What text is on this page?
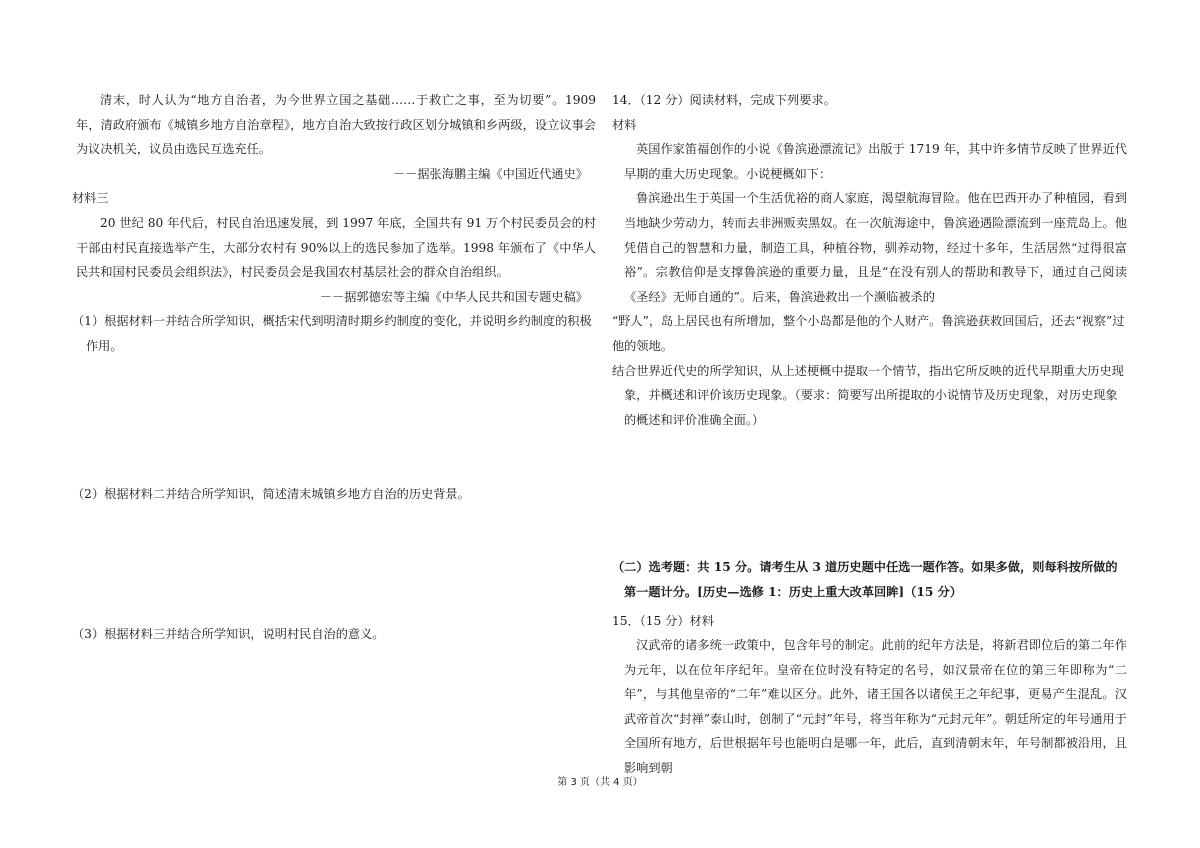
清末，时人认为“地方自治者，为今世界立国之基础……于救亡之事，至为切要”。1909 年，清政府颁布《城镇乡地方自治章程》，地方自治大致按行政区划分城镇和乡两级，设立议事会为议决机关，议员由选民互选充任。

－－据张海鹏主编《中国近代通史》

材料三

20 世纪 80 年代后，村民自治迅速发展，到 1997 年底，全国共有 91 万个村民委员会的村干部由村民直接选举产生，大部分农村有 90%以上的选民参加了选举。1998 年颁布了《中华人民共和国村民委员会组织法》，村民委员会是我国农村基层社会的群众自治组织。

－－据郭德宏等主编《中华人民共和国专题史稿》

（1）根据材料一并结合所学知识，概括宋代到明清时期乡约制度的变化，并说明乡约制度的积极作用。

（2）根据材料二并结合所学知识，简述清末城镇乡地方自治的历史背景。

（3）根据材料三并结合所学知识，说明村民自治的意义。

14．（12 分）阅读材料，完成下列要求。

材料

英国作家笛福创作的小说《鲁滨逊漂流记》出版于 1719 年，其中许多情节反映了世界近代早期的重大历史现象。小说梗概如下：

鲁滨逊出生于英国一个生活优裕的商人家庭，渴望航海冒险。他在巴西开办了种植园，看到当地缺少劳动力，转而去非洲贩卖黑奴。在一次航海途中，鲁滨逊遇险漂流到一座荒岛上。他凭借自己的智慧和力量，制造工具，种植谷物，驯养动物，经过十多年，生活居然“过得很富裕”。宗教信仰是支撑鲁滨逊的重要力量，且是“在没有别人的帮助和教导下，通过自己阅读《圣经》无师自通的”。后来，鲁滨逊救出一个濒临被杀的

“野人”，岛上居民也有所增加，整个小岛都是他的个人财产。鲁滨逊获救回国后，还去“视察”过他的领地。

结合世界近代史的所学知识，从上述梗概中提取一个情节，指出它所反映的近代早期重大历史现象，并概述和评价该历史现象。（要求：简要写出所提取的小说情节及历史现象，对历史现象的概述和评价准确全面。）

（二）选考题：共 15 分。请考生从 3 道历史题中任选一题作答。如果多做，则每科按所做的第一题计分。[历史—选修 1：历史上重大改革回眸]（15 分）

15．（15 分）材料

汉武帝的诸多统一政策中，包含年号的制定。此前的纪年方法是，将新君即位后的第二年作为元年，以在位年序纪年。皇帝在位时没有特定的名号，如汉景帝在位的第三年即称为“二年”，与其他皇帝的“二年”难以区分。此外，诸王国各以诸侯王之年纪事，更易产生混乱。汉武帝首次“封禅”泰山时，创制了“元封”年号，将当年称为“元封元年”。朝廷所定的年号通用于全国所有地方，后世根据年号也能明白是哪一年，此后，直到清朝末年，年号制都被沿用，且影响到朝

第 3 页（共 4 页）
